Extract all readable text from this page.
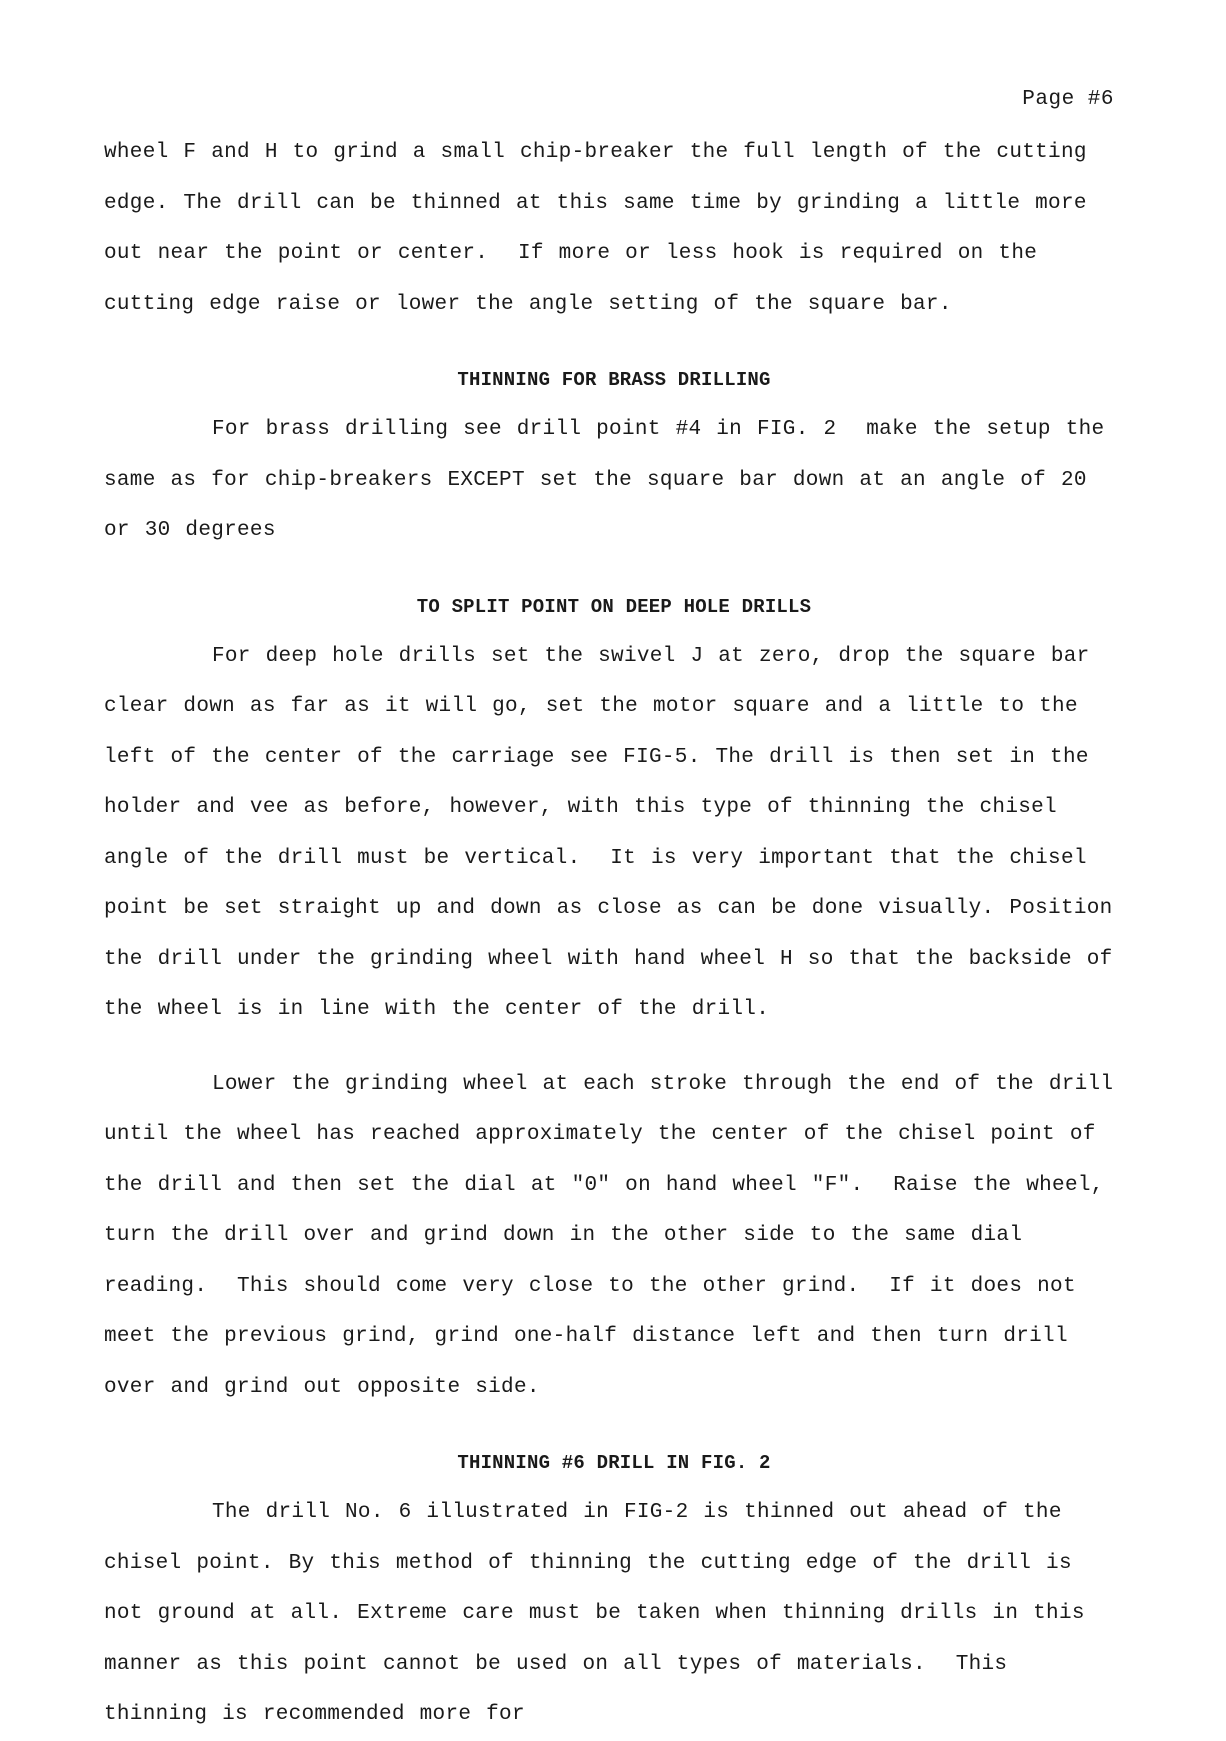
Page #6

wheel F and H to grind a small chip-breaker the full length of the cutting edge. The drill can be thinned at this same time by grinding a little more out near the point or center.  If more or less hook is required on the cutting edge raise or lower the angle setting of the square bar.

THINNING FOR BRASS DRILLING

For brass drilling see drill point #4 in FIG. 2  make the setup the same as for chip-breakers EXCEPT set the square bar down at an angle of 20 or 30 degrees

TO SPLIT POINT ON DEEP HOLE DRILLS

For deep hole drills set the swivel J at zero, drop the square bar clear down as far as it will go, set the motor square and a little to the left of the center of the carriage see FIG-5. The drill is then set in the holder and vee as before, however, with this type of thinning the chisel angle of the drill must be vertical.  It is very important that the chisel point be set straight up and down as close as can be done visually. Position the drill under the grinding wheel with hand wheel H so that the backside of the wheel is in line with the center of the drill.

Lower the grinding wheel at each stroke through the end of the drill until the wheel has reached approximately the center of the chisel point of the drill and then set the dial at "0" on hand wheel "F".  Raise the wheel, turn the drill over and grind down in the other side to the same dial reading.  This should come very close to the other grind.  If it does not meet the previous grind, grind one-half distance left and then turn drill over and grind out opposite side.

THINNING #6 DRILL IN FIG. 2

The drill No. 6 illustrated in FIG-2 is thinned out ahead of the chisel point. By this method of thinning the cutting edge of the drill is not ground at all. Extreme care must be taken when thinning drills in this manner as this point cannot be used on all types of materials.  This thinning is recommended more for
